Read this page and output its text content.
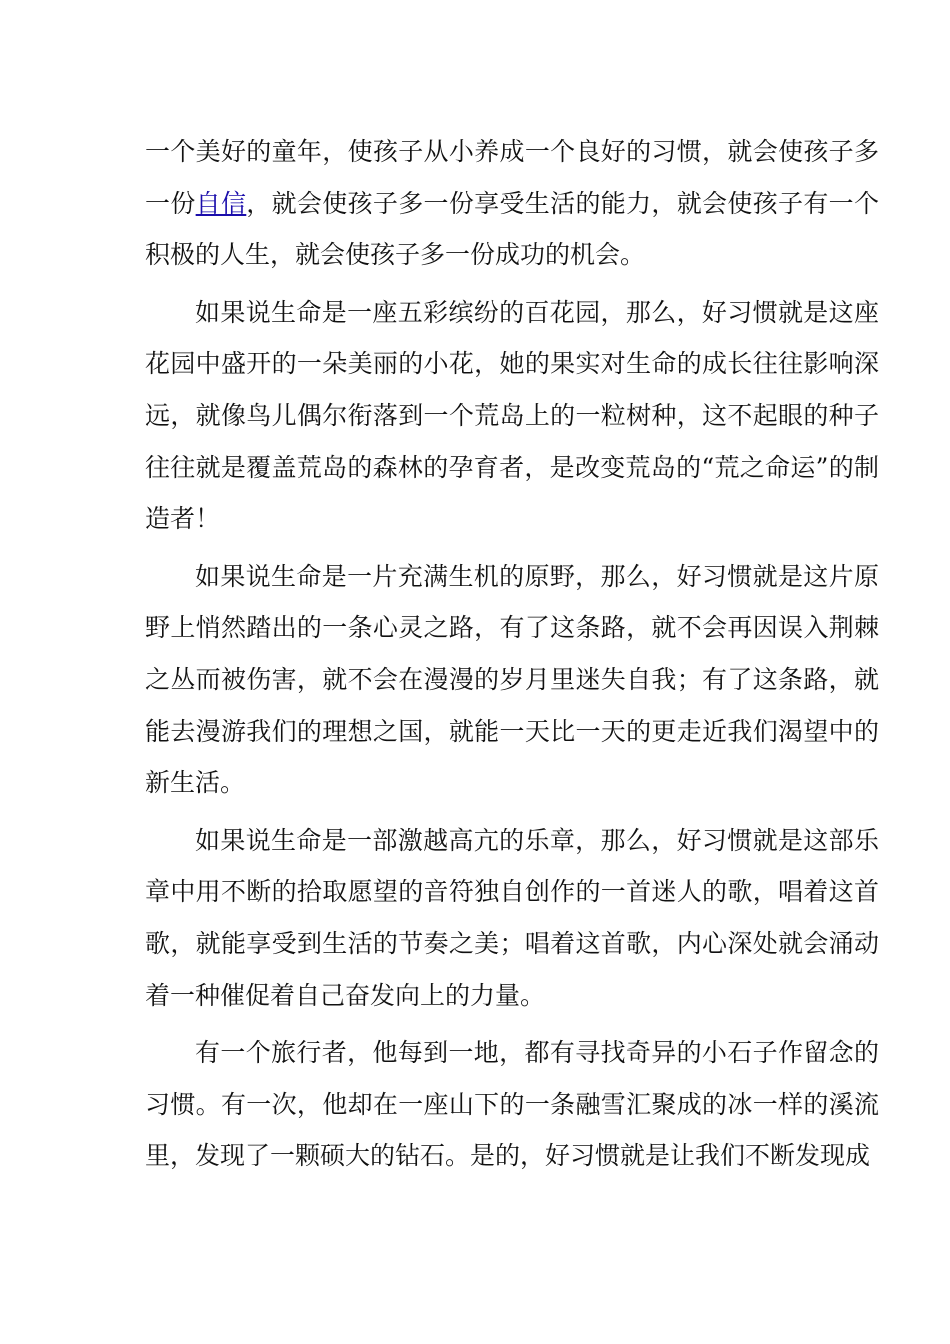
一个美好的童年，使孩子从小养成一个良好的习惯，就会使孩子多一份自信，就会使孩子多一份享受生活的能力，就会使孩子有一个积极的人生，就会使孩子多一份成功的机会。

如果说生命是一座五彩缤纷的百花园，那么，好习惯就是这座花园中盛开的一朵美丽的小花，她的果实对生命的成长往往影响深远，就像鸟儿偶尔衔落到一个荒岛上的一粒树种，这不起眼的种子往往就是覆盖荒岛的森林的孕育者，是改变荒岛的“荒之命运”的制造者！

如果说生命是一片充满生机的原野，那么，好习惯就是这片原野上悄然踏出的一条心灵之路，有了这条路，就不会再因误入荆棘之丛而被伤害，就不会在漫漫的岁月里迷失自我；有了这条路，就能去漫游我们的理想之国，就能一天比一天的更走近我们渴望中的新生活。

如果说生命是一部激越高亢的乐章，那么，好习惯就是这部乐章中用不断的拾取愿望的音符独自创作的一首迷人的歌，唱着这首歌，就能享受到生活的节奏之美；唱着这首歌，内心深处就会涌动着一种催促着自己奋发向上的力量。

有一个旅行者，他每到一地，都有寻找奇异的小石子作留念的习惯。有一次，他却在一座山下的一条融雪汇聚成的冰一样的溪流里，发现了一颗硕大的钻石。是的，好习惯就是让我们不断发现成
